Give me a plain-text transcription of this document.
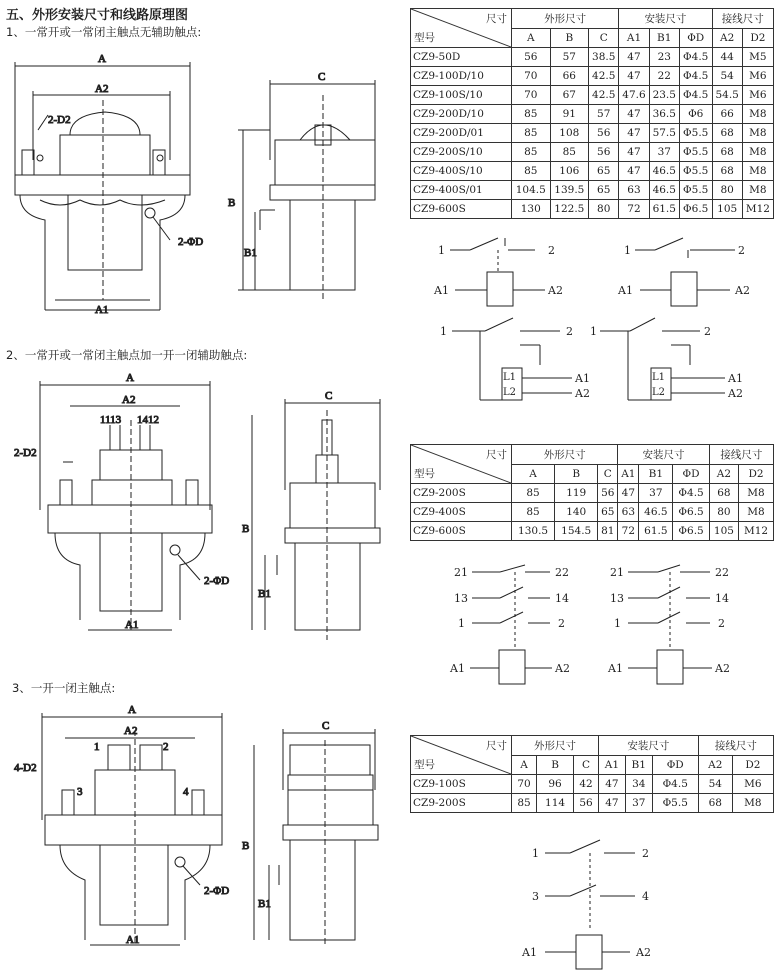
五、外形安装尺寸和线路原理图
1、一常开或一常闭主触点无辅助触点:
2、一常开或一常闭主触点加一开一闭辅助触点:
3、一开一闭主触点:
A
A2
2-D2
2-ΦD
A1
C
B
B1
A
A2
1113 1412
2-D2
2-ΦD
A1
C
B
B1
A
A2
1	2
4-D2
3	4
2-ΦD
A1
C
B
B1
1	2
A1	A2
1	2
A1	A2
1	2
L1
L2
A1
A2
1	2
L1
L2
A1
A2
21	22
13	14
1	2
A1	A2
21	22
13	14
1	2
A1	A2
1	2
3	4
A1	A2
尺寸
型号	外形尺寸			安装尺寸			接线尺寸	
	A	B	C	A1	B1	ΦD	A2	D2
CZ9-50D	56	57	38.5	47	23	Φ4.5	44	M5
CZ9-100D/10	70	66	42.5	47	22	Φ4.5	54	M6
CZ9-100S/10	70	67	42.5	47.6	23.5	Φ4.5	54.5	M6
CZ9-200D/10	85	91	57	47	36.5	Φ6	66	M8
CZ9-200D/01	85	108	56	47	57.5	Φ5.5	68	M8
CZ9-200S/10	85	85	56	47	37	Φ5.5	68	M8
CZ9-400S/10	85	106	65	47	46.5	Φ5.5	68	M8
CZ9-400S/01	104.5	139.5	65	63	46.5	Φ5.5	80	M8
CZ9-600S	130	122.5	80	72	61.5	Φ6.5	105	M12
尺寸
型号	外形尺寸			安装尺寸			接线尺寸	
	A	B	C	A1	B1	ΦD	A2	D2
CZ9-200S	85	119	56	47	37	Φ4.5	68	M8
CZ9-400S	85	140	65	63	46.5	Φ6.5	80	M8
CZ9-600S	130.5	154.5	81	72	61.5	Φ6.5	105	M12
尺寸
型号	外形尺寸			安装尺寸			接线尺寸	
	A	B	C	A1	B1	ΦD	A2	D2
CZ9-100S	70	96	42	47	34	Φ4.5	54	M6
CZ9-200S	85	114	56	47	37	Φ5.5	68	M8
